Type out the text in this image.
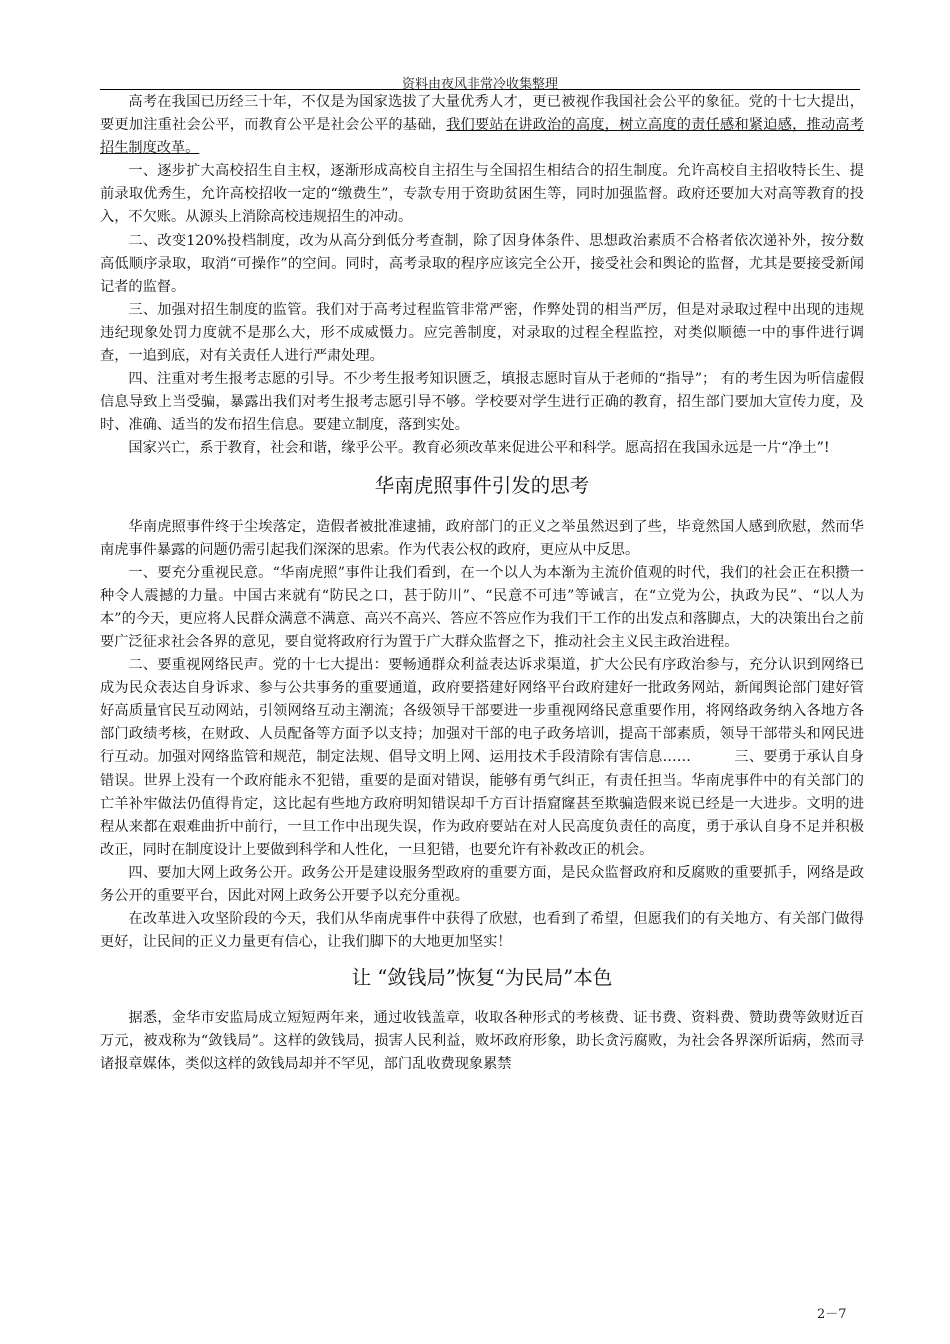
资料由夜风非常冷收集整理

高考在我国已历经三十年，不仅是为国家选拔了大量优秀人才，更已被视作我国社会公平的象征。党的十七大提出，要更加注重社会公平，而教育公平是社会公平的基础，我们要站在讲政治的高度，树立高度的责任感和紧迫感，推动高考招生制度改革。

一、逐步扩大高校招生自主权，逐渐形成高校自主招生与全国招生相结合的招生制度。允许高校自主招收特长生、提前录取优秀生，允许高校招收一定的“缴费生”，专款专用于资助贫困生等，同时加强监督。政府还要加大对高等教育的投入，不欠账。从源头上消除高校违规招生的冲动。

二、改变120%投档制度，改为从高分到低分考查制，除了因身体条件、思想政治素质不合格者依次递补外，按分数高低顺序录取，取消“可操作”的空间。同时，高考录取的程序应该完全公开，接受社会和舆论的监督，尤其是要接受新闻记者的监督。

三、加强对招生制度的监管。我们对于高考过程监管非常严密，作弊处罚的相当严厉，但是对录取过程中出现的违规违纪现象处罚力度就不是那么大，形不成威慑力。应完善制度，对录取的过程全程监控，对类似顺德一中的事件进行调查，一追到底，对有关责任人进行严肃处理。

四、注重对考生报考志愿的引导。不少考生报考知识匮乏，填报志愿时盲从于老师的“指导”； 有的考生因为听信虚假信息导致上当受骗，暴露出我们对考生报考志愿引导不够。学校要对学生进行正确的教育，招生部门要加大宣传力度，及时、准确、适当的发布招生信息。要建立制度，落到实处。

国家兴亡，系于教育，社会和谐，缘乎公平。教育必须改革来促进公平和科学。愿高招在我国永远是一片“净土”!

华南虎照事件引发的思考

华南虎照事件终于尘埃落定，造假者被批准逮捕，政府部门的正义之举虽然迟到了些，毕竟然国人感到欣慰，然而华南虎事件暴露的问题仍需引起我们深深的思索。作为代表公权的政府，更应从中反思。

一、要充分重视民意。“华南虎照”事件让我们看到，在一个以人为本渐为主流价值观的时代，我们的社会正在积攒一种令人震撼的力量。中国古来就有“防民之口，甚于防川”、“民意不可违”等诫言，在“立党为公，执政为民”、“以人为本”的今天，更应将人民群众满意不满意、高兴不高兴、答应不答应作为我们干工作的出发点和落脚点，大的决策出台之前要广泛征求社会各界的意见，要自觉将政府行为置于广大群众监督之下，推动社会主义民主政治进程。

二、要重视网络民声。党的十七大提出：要畅通群众利益表达诉求渠道，扩大公民有序政治参与，充分认识到网络已成为民众表达自身诉求、参与公共事务的重要通道，政府要搭建好网络平台政府建好一批政务网站，新闻舆论部门建好管好高质量官民互动网站，引领网络互动主潮流；各级领导干部要进一步重视网络民意重要作用，将网络政务纳入各地方各部门政绩考核，在财政、人员配备等方面予以支持；加强对干部的电子政务培训，提高干部素质，领导干部带头和网民进行互动。加强对网络监管和规范，制定法规、倡导文明上网、运用技术手段清除有害信息……　　　三、要勇于承认自身错误。世界上没有一个政府能永不犯错，重要的是面对错误，能够有勇气纠正，有责任担当。华南虎事件中的有关部门的亡羊补牢做法仍值得肯定，这比起有些地方政府明知错误却千方百计捂窟窿甚至欺骗造假来说已经是一大进步。文明的进程从来都在艰难曲折中前行，一旦工作中出现失误，作为政府要站在对人民高度负责任的高度，勇于承认自身不足并积极改正，同时在制度设计上要做到科学和人性化，一旦犯错，也要允许有补救改正的机会。

四、要加大网上政务公开。政务公开是建设服务型政府的重要方面，是民众监督政府和反腐败的重要抓手，网络是政务公开的重要平台，因此对网上政务公开要予以充分重视。

在改革进入攻坚阶段的今天，我们从华南虎事件中获得了欣慰，也看到了希望，但愿我们的有关地方、有关部门做得更好，让民间的正义力量更有信心，让我们脚下的大地更加坚实！

让 “敛钱局”恢复“为民局”本色

据悉，金华市安监局成立短短两年来，通过收钱盖章，收取各种形式的考核费、证书费、资料费、赞助费等敛财近百万元，被戏称为“敛钱局”。这样的敛钱局，损害人民利益，败坏政府形象，助长贪污腐败，为社会各界深所诟病，然而寻诸报章媒体，类似这样的敛钱局却并不罕见，部门乱收费现象累禁

2－7
